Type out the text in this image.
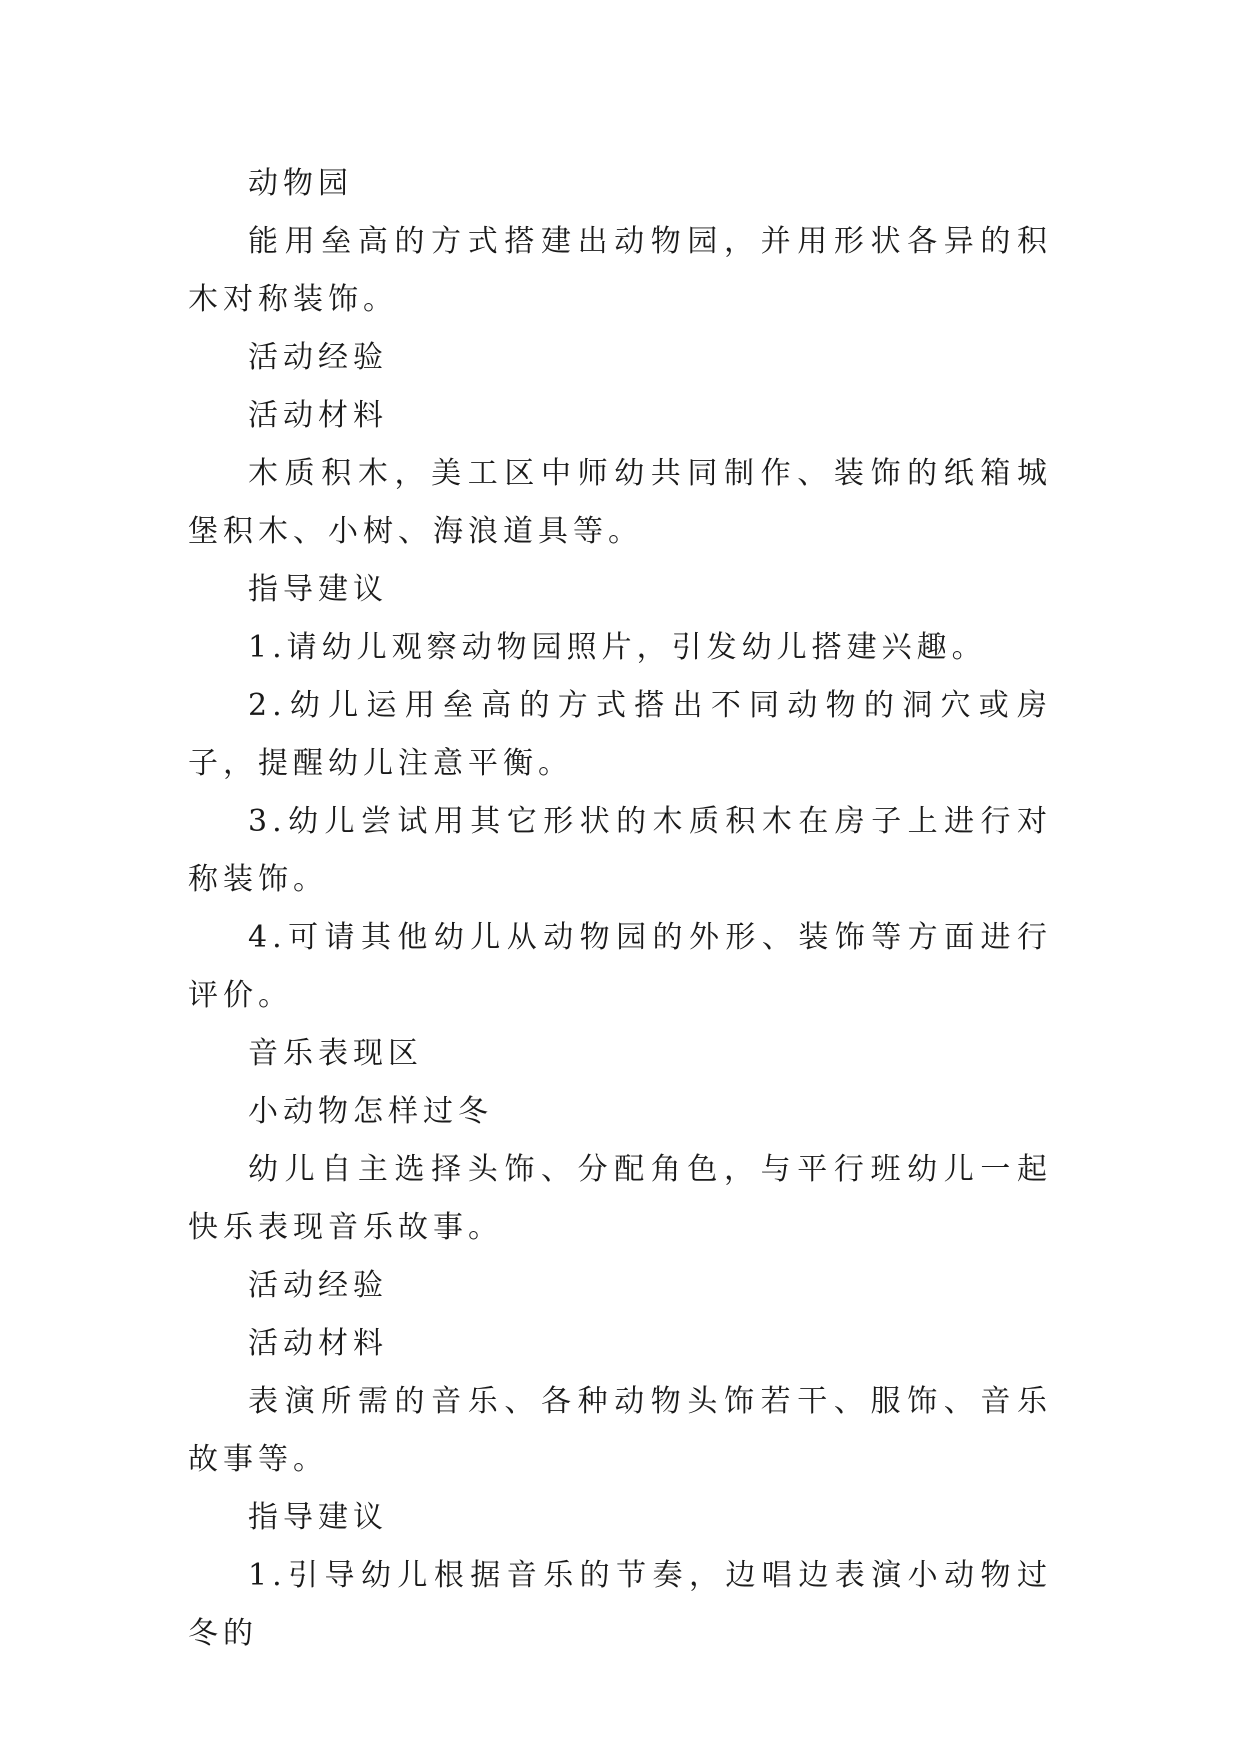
动物园

能用垒高的方式搭建出动物园，并用形状各异的积木对称装饰。

活动经验

活动材料

木质积木，美工区中师幼共同制作、装饰的纸箱城堡积木、小树、海浪道具等。

指导建议

1.请幼儿观察动物园照片，引发幼儿搭建兴趣。

2.幼儿运用垒高的方式搭出不同动物的洞穴或房子，提醒幼儿注意平衡。

3.幼儿尝试用其它形状的木质积木在房子上进行对称装饰。

4.可请其他幼儿从动物园的外形、装饰等方面进行评价。

音乐表现区

小动物怎样过冬

幼儿自主选择头饰、分配角色，与平行班幼儿一起快乐表现音乐故事。

活动经验

活动材料

表演所需的音乐、各种动物头饰若干、服饰、音乐故事等。

指导建议

1.引导幼儿根据音乐的节奏，边唱边表演小动物过冬的
